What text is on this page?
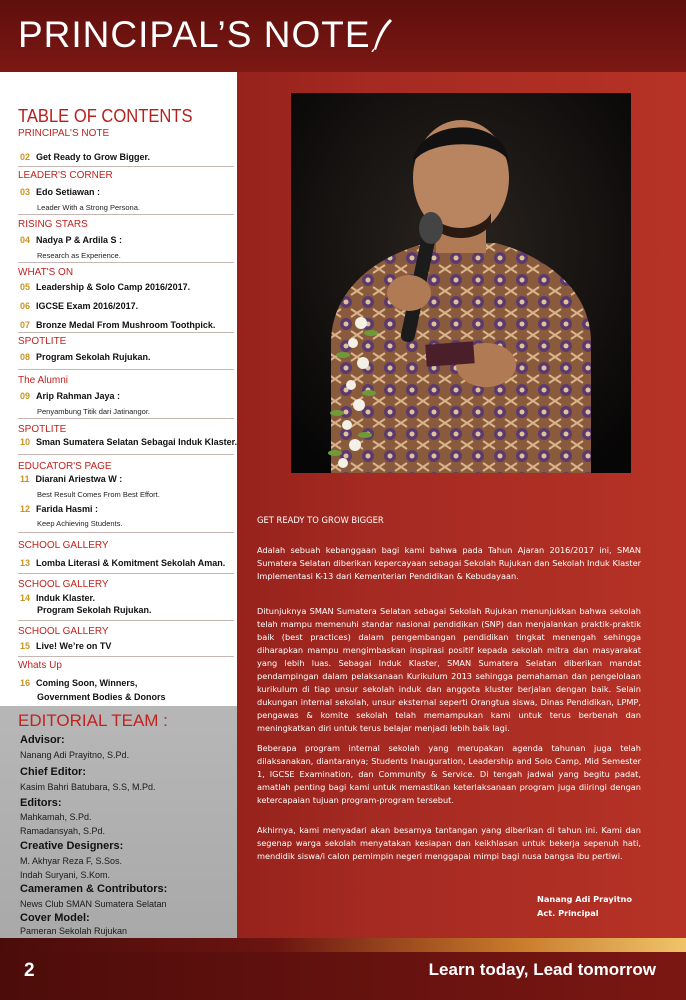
PRINCIPAL’S NOTE
TABLE OF CONTENTS
PRINCIPAL'S NOTE
02 Get Ready to Grow Bigger.
LEADER'S CORNER
03 Edo Setiawan :
Leader With a Strong Persona.
RISING STARS
04 Nadya P & Ardila S :
Research as Experience.
WHAT'S ON
05 Leadership & Solo Camp 2016/2017.
06 IGCSE Exam 2016/2017.
07 Bronze Medal From Mushroom Toothpick.
SPOTLITE
08 Program Sekolah Rujukan.
The Alumni
09 Arip Rahman Jaya :
Penyambung Titik dari Jatinangor.
SPOTLITE
10 Sman Sumatera Selatan Sebagai Induk Klaster.
EDUCATOR'S PAGE
11 Diarani Ariestwa W :
Best Result Comes From Best Effort.
12 Farida Hasmi :
Keep Achieving Students.
SCHOOL GALLERY
13 Lomba Literasi & Komitment Sekolah Aman.
SCHOOL GALLERY
14 Induk Klaster.
Program Sekolah Rujukan.
SCHOOL GALLERY
15 Live! We’re on TV
Whats Up
16 Coming Soon, Winners,
Government Bodies & Donors
EDITORIAL TEAM :
Advisor:
Nanang Adi Prayitno, S.Pd.
Chief Editor:
Kasim Bahri Batubara, S.S, M.Pd.
Editors:
Mahkamah, S.Pd.
Ramadansyah, S.Pd.
Creative Designers:
M. Akhyar Reza F, S.Sos.
Indah Suryani, S.Kom.
Cameramen & Contributors:
News Club SMAN Sumatera Selatan
Cover Model:
Pameran Sekolah Rujukan
GET READY TO GROW BIGGER

Adalah sebuah kebanggaan bagi kami bahwa pada Tahun Ajaran 2016/2017 ini, SMAN Sumatera Selatan diberikan kepercayaan sebagai Sekolah Rujukan dan Sekolah Induk Klaster Implementasi K-13 dari Kementerian Pendidikan & Kebudayaan.

Ditunjuknya SMAN Sumatera Selatan sebagai Sekolah Rujukan menunjukkan bahwa sekolah telah mampu memenuhi standar nasional pendidikan (SNP) dan menjalankan praktik-praktik baik (best practices) dalam pengembangan pendidikan tingkat menengah sehingga diharapkan mampu mengimbaskan inspirasi positif kepada sekolah mitra dan masyarakat yang lebih luas. Sebagai Induk Klaster, SMAN Sumatera Selatan diberikan mandat pendampingan dalam pelaksanaan Kurikulum 2013 sehingga pemahaman dan pengelolaan kurikulum di tiap unsur sekolah induk dan anggota kluster berjalan dengan baik. Selain dukungan internal sekolah, unsur eksternal seperti Orangtua siswa, Dinas Pendidikan, LPMP, pengawas & komite sekolah telah memampukan kami untuk terus berbenah dan meningkatkan diri untuk terus belajar menjadi lebih baik lagi.

Beberapa program internal sekolah yang merupakan agenda tahunan juga telah dilaksanakan, diantaranya; Students Inauguration, Leadership and Solo Camp, Mid Semester 1, IGCSE Examination, dan Community & Service. Di tengah jadwal yang begitu padat, amatlah penting bagi kami untuk memastikan keterlaksanaan program juga diiringi dengan ketercapaian tujuan program-program tersebut.

Akhirnya, kami menyadari akan besarnya tantangan yang diberikan di tahun ini. Kami dan segenap warga sekolah menyatakan kesiapan dan keikhlasan untuk bekerja sepenuh hati, mendidik siswa/i calon pemimpin negeri menggapai mimpi bagi nusa bangsa ibu pertiwi.

Nanang Adi Prayitno
Act. Principal
2	Learn today, Lead tomorrow
